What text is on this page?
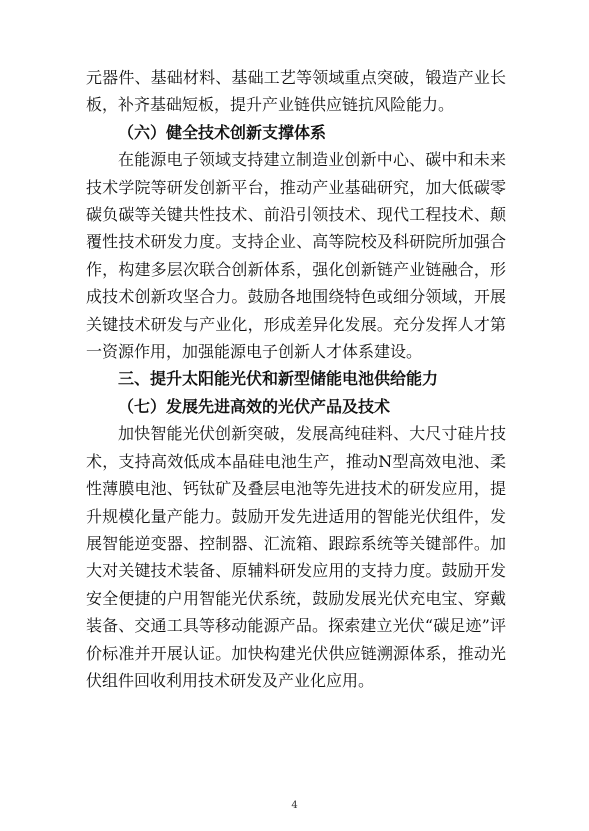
元器件、基础材料、基础工艺等领域重点突破，锻造产业长板，补齐基础短板，提升产业链供应链抗风险能力。

（六）健全技术创新支撑体系

在能源电子领域支持建立制造业创新中心、碳中和未来技术学院等研发创新平台，推动产业基础研究，加大低碳零碳负碳等关键共性技术、前沿引领技术、现代工程技术、颠覆性技术研发力度。支持企业、高等院校及科研院所加强合作，构建多层次联合创新体系，强化创新链产业链融合，形成技术创新攻坚合力。鼓励各地围绕特色或细分领域，开展关键技术研发与产业化，形成差异化发展。充分发挥人才第一资源作用，加强能源电子创新人才体系建设。

三、提升太阳能光伏和新型储能电池供给能力

（七）发展先进高效的光伏产品及技术

加快智能光伏创新突破，发展高纯硅料、大尺寸硅片技术，支持高效低成本晶硅电池生产，推动N型高效电池、柔性薄膜电池、钙钛矿及叠层电池等先进技术的研发应用，提升规模化量产能力。鼓励开发先进适用的智能光伏组件，发展智能逆变器、控制器、汇流箱、跟踪系统等关键部件。加大对关键技术装备、原辅料研发应用的支持力度。鼓励开发安全便捷的户用智能光伏系统，鼓励发展光伏充电宝、穿戴装备、交通工具等移动能源产品。探索建立光伏“碳足迹”评价标准并开展认证。加快构建光伏供应链溯源体系，推动光伏组件回收利用技术研发及产业化应用。

4
